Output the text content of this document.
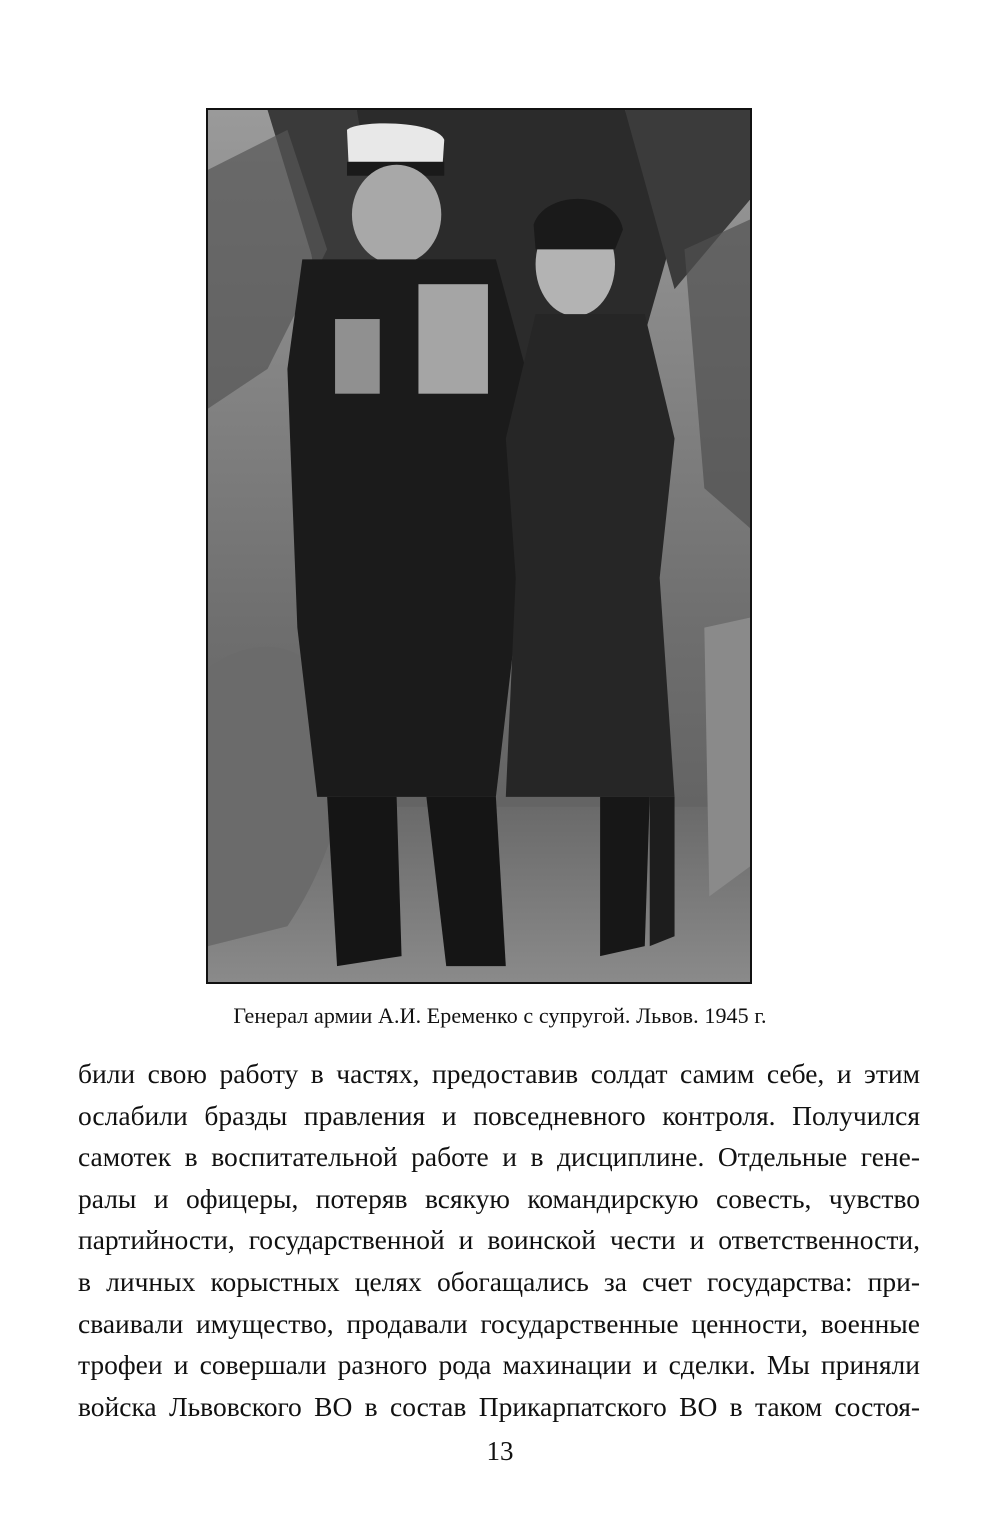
Генерал армии А.И. Еременко с супругой. Львов. 1945 г.
били свою работу в частях, предоставив солдат самим себе, и этим
ослабили бразды правления и повседневного контроля. Получился
самотек в воспитательной работе и в дисциплине. Отдельные гене-
ралы и офицеры, потеряв всякую командирскую совесть, чувство
партийности, государственной и воинской чести и ответственности,
в личных корыстных целях обогащались за счет государства: при-
сваивали имущество, продавали государственные ценности, военные
трофеи и совершали разного рода махинации и сделки. Мы приняли
войска Львовского ВО в состав Прикарпатского ВО в таком состоя-
13
